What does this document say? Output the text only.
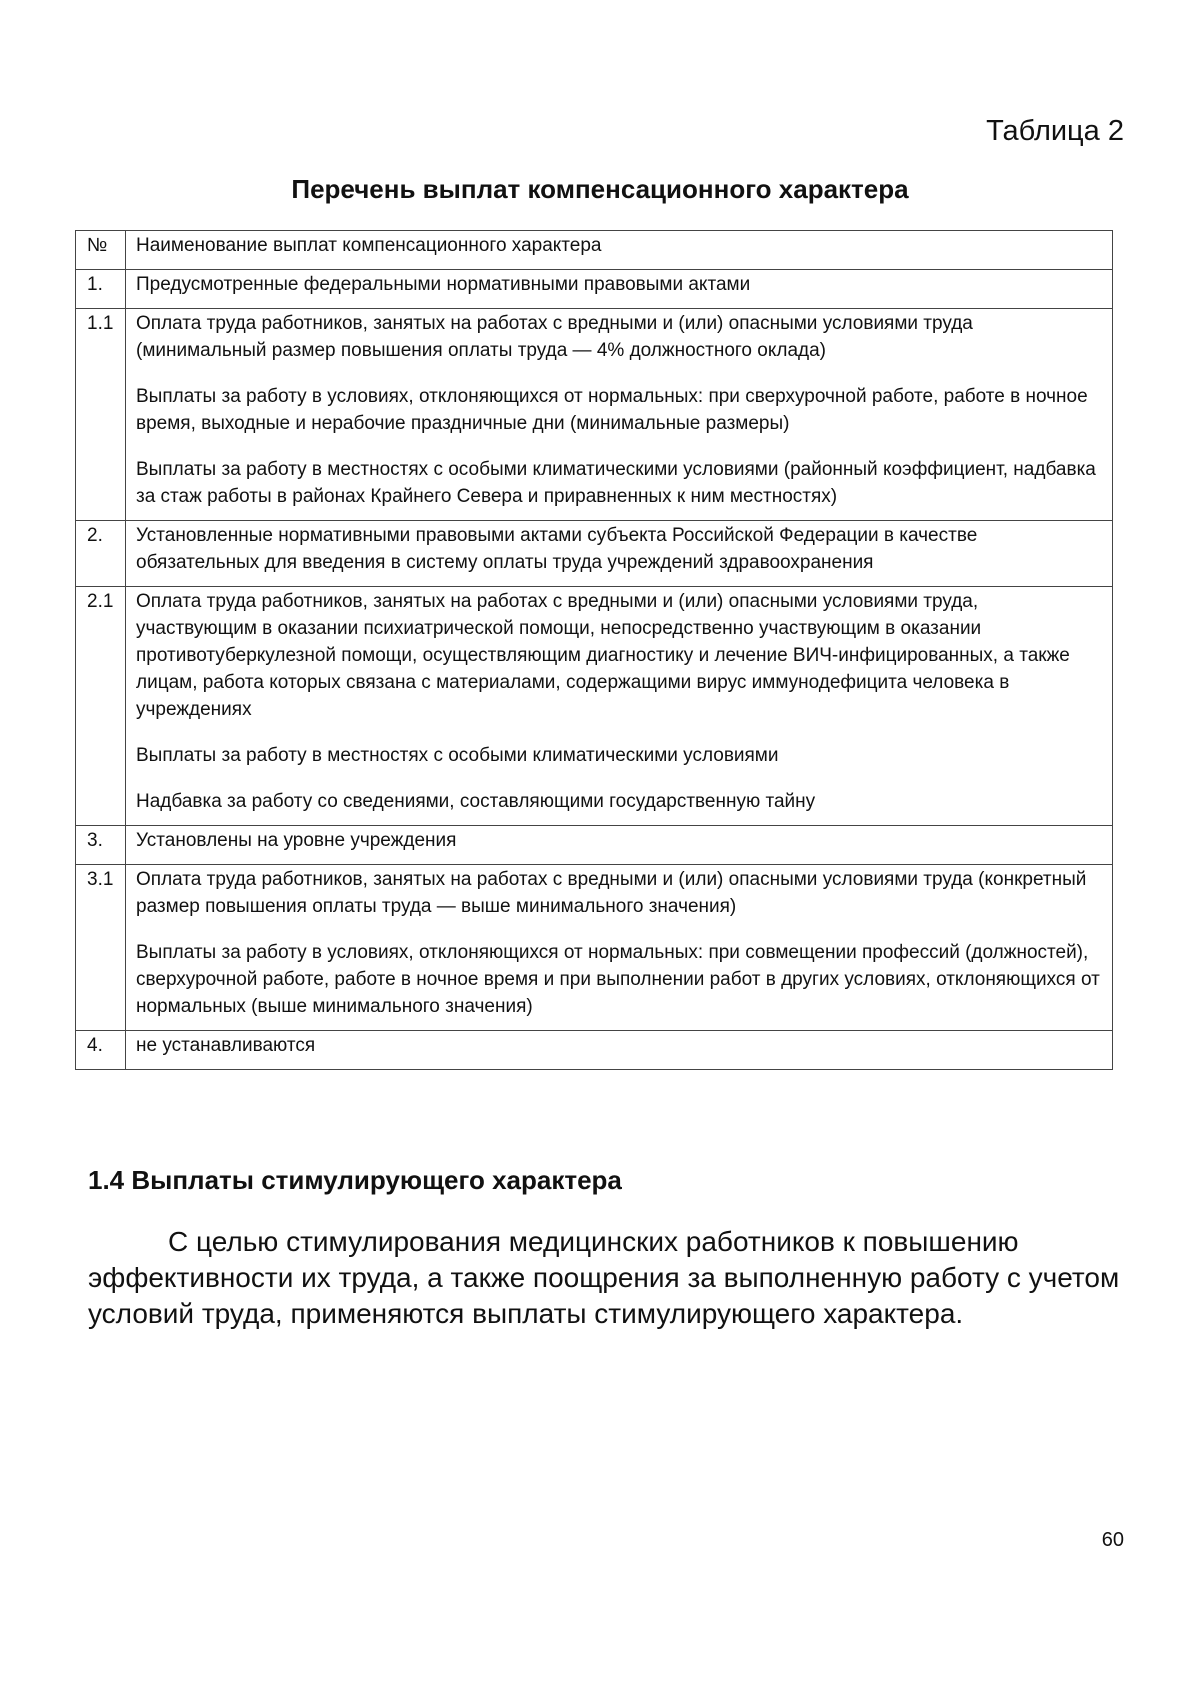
Таблица 2
Перечень выплат компенсационного характера
№	Наименование выплат компенсационного характера
1.	Предусмотренные федеральными нормативными правовыми актами

1.1	Оплата труда работников, занятых на работах с вредными и (или) опасными условиями труда (минимальный размер повышения оплаты труда — 4% должностного оклада)

Выплаты за работу в условиях, отклоняющихся от нормальных: при сверхурочной работе, работе в ночное время, выходные и нерабочие праздничные дни (минимальные размеры)

Выплаты за работу в местностях с особыми климатическими условиями (районный коэффициент, надбавка за стаж работы в районах Крайнего Севера и приравненных к ним местностях)

2.	Установленные нормативными правовыми актами субъекта Российской Федерации в качестве обязательных для введения в систему оплаты труда учреждений здравоохранения

2.1	Оплата труда работников, занятых на работах с вредными и (или) опасными условиями труда, участвующим в оказании психиатрической помощи, непосредственно участвующим в оказании противотуберкулезной помощи, осуществляющим диагностику и лечение ВИЧ-инфицированных, а также лицам, работа которых связана с материалами, содержащими вирус иммунодефицита человека в учреждениях

Выплаты за работу в местностях с особыми климатическими условиями

Надбавка за работу со сведениями, составляющими государственную тайну

3.	Установлены на уровне учреждения

3.1	Оплата труда работников, занятых на работах с вредными и (или) опасными условиями труда (конкретный размер повышения оплаты труда — выше минимального значения)

Выплаты за работу в условиях, отклоняющихся от нормальных: при совмещении профессий (должностей), сверхурочной работе, работе в ночное время и при выполнении работ в других условиях, отклоняющихся от нормальных (выше минимального значения)

4.	не устанавливаются

1.4 Выплаты стимулирующего характера

С целью стимулирования медицинских работников к повышению эффективности их труда, а также поощрения за выполненную работу с учетом условий труда, применяются выплаты стимулирующего характера.

60
